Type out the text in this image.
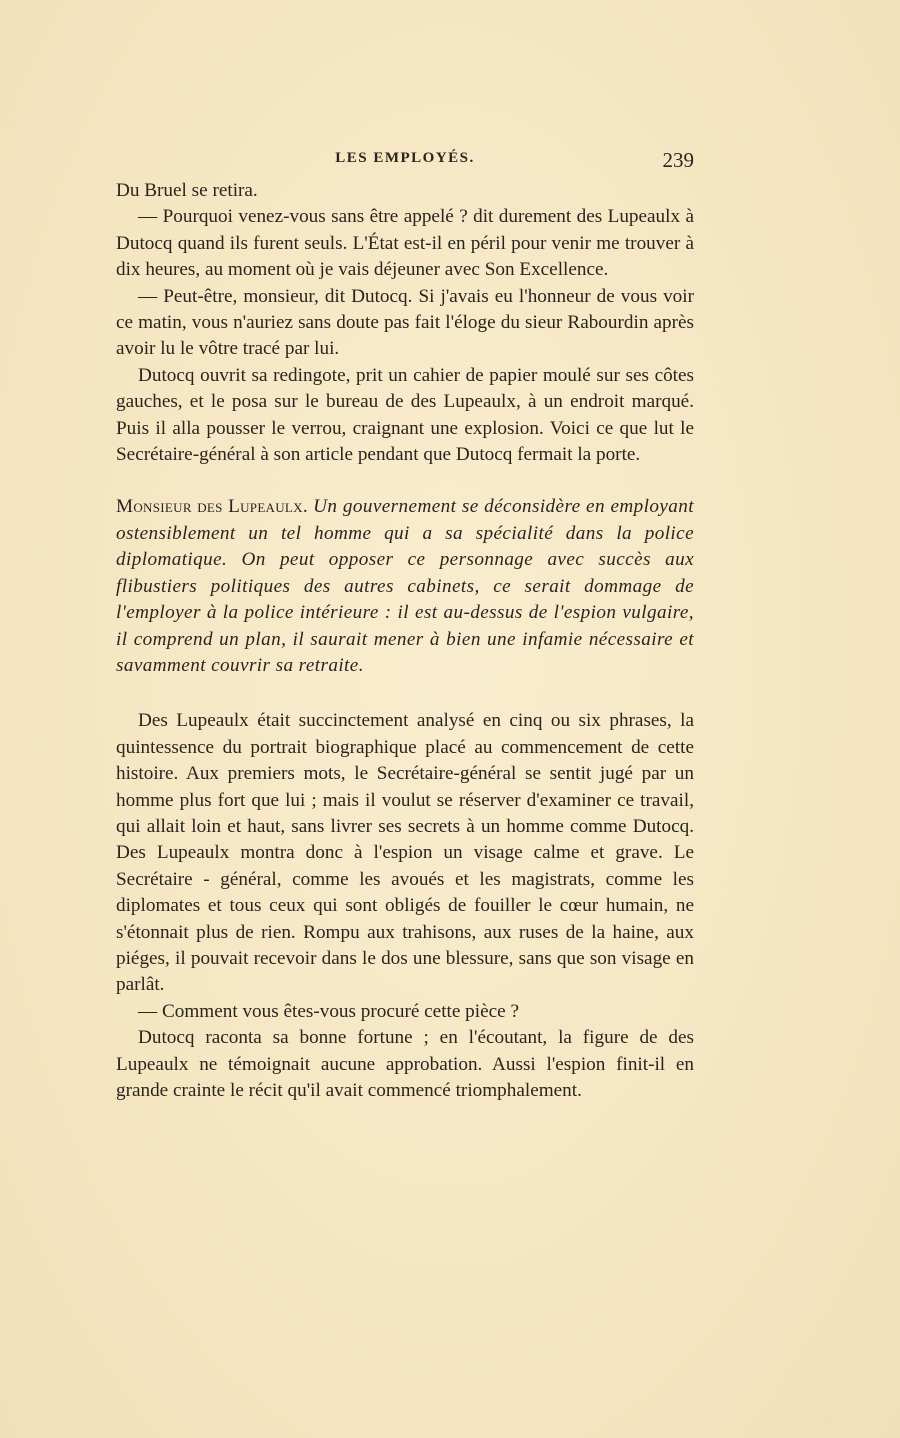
LES EMPLOYÉS.	239

Du Bruel se retira.

— Pourquoi venez-vous sans être appelé ? dit durement des Lupeaulx à Dutocq quand ils furent seuls. L'État est-il en péril pour venir me trouver à dix heures, au moment où je vais déjeuner avec Son Excellence.

— Peut-être, monsieur, dit Dutocq. Si j'avais eu l'honneur de vous voir ce matin, vous n'auriez sans doute pas fait l'éloge du sieur Rabourdin après avoir lu le vôtre tracé par lui.

Dutocq ouvrit sa redingote, prit un cahier de papier moulé sur ses côtes gauches, et le posa sur le bureau de des Lupeaulx, à un endroit marqué. Puis il alla pousser le verrou, craignant une explosion. Voici ce que lut le Secrétaire-général à son article pendant que Dutocq fermait la porte.

Monsieur des Lupeaulx. Un gouvernement se déconsidère en employant ostensiblement un tel homme qui a sa spécialité dans la police diplomatique. On peut opposer ce personnage avec succès aux flibustiers politiques des autres cabinets, ce serait dommage de l'employer à la police intérieure : il est au-dessus de l'espion vulgaire, il comprend un plan, il saurait mener à bien une infamie nécessaire et savamment couvrir sa retraite.

Des Lupeaulx était succinctement analysé en cinq ou six phrases, la quintessence du portrait biographique placé au commencement de cette histoire. Aux premiers mots, le Secrétaire-général se sentit jugé par un homme plus fort que lui ; mais il voulut se réserver d'examiner ce travail, qui allait loin et haut, sans livrer ses secrets à un homme comme Dutocq. Des Lupeaulx montra donc à l'espion un visage calme et grave. Le Secrétaire - général, comme les avoués et les magistrats, comme les diplomates et tous ceux qui sont obligés de fouiller le cœur humain, ne s'étonnait plus de rien. Rompu aux trahisons, aux ruses de la haine, aux piéges, il pouvait recevoir dans le dos une blessure, sans que son visage en parlât.

— Comment vous êtes-vous procuré cette pièce ?

Dutocq raconta sa bonne fortune ; en l'écoutant, la figure de des Lupeaulx ne témoignait aucune approbation. Aussi l'espion finit-il en grande crainte le récit qu'il avait commencé triomphalement.
